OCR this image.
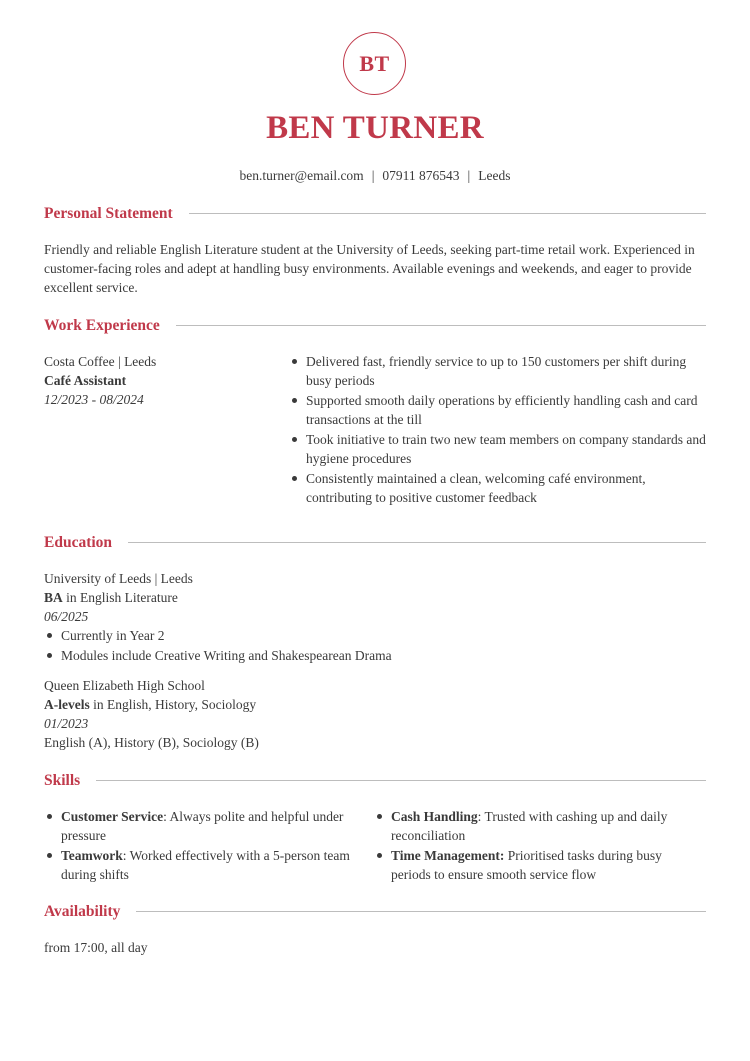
BT
BEN TURNER
ben.turner@email.com | 07911 876543 | Leeds
Personal Statement
Friendly and reliable English Literature student at the University of Leeds, seeking part-time retail work. Experienced in customer-facing roles and adept at handling busy environments. Available evenings and weekends, and eager to provide excellent service.
Work Experience
Costa Coffee | Leeds
Café Assistant
12/2023 - 08/2024
Delivered fast, friendly service to up to 150 customers per shift during busy periods
Supported smooth daily operations by efficiently handling cash and card transactions at the till
Took initiative to train two new team members on company standards and hygiene procedures
Consistently maintained a clean, welcoming café environment, contributing to positive customer feedback
Education
University of Leeds | Leeds
BA in English Literature
06/2025
Currently in Year 2
Modules include Creative Writing and Shakespearean Drama
Queen Elizabeth High School
A-levels in English, History, Sociology
01/2023
English (A), History (B), Sociology (B)
Skills
Customer Service: Always polite and helpful under pressure
Teamwork: Worked effectively with a 5-person team during shifts
Cash Handling: Trusted with cashing up and daily reconciliation
Time Management: Prioritised tasks during busy periods to ensure smooth service flow
Availability
from 17:00, all day
